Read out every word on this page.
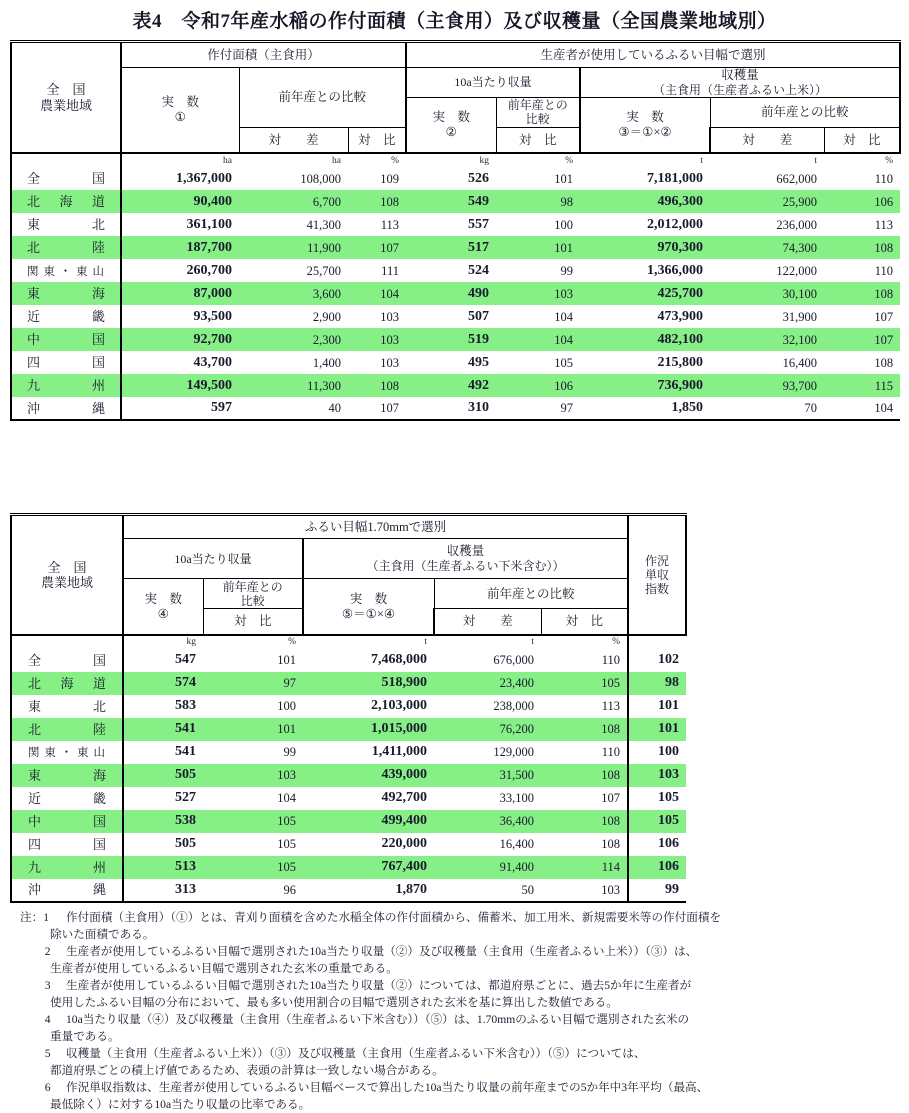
表4　令和7年産水稲の作付面積（主食用）及び収穫量（全国農業地域別）
全　国
農業地域	作付面積（主食用）			生産者が使用しているふるい目幅で選別				

実　数
①
	前年産との比較	10a当たり収量	
収穫量
（主食用（生産者ふるい上米））

実　数
②

前年産との
比較	実　数
③＝①×②
	前年産との比較
		対　　差	対　比		対　比		対　　差	対　比
	ha	ha	%	kg	%	t	t	%
全国	1,367,000	108,000	109	526	101	7,181,000	662,000	110
北海道	90,400	6,700	108	549	98	496,300	25,900	106
東北	361,100	41,300	113	557	100	2,012,000	236,000	113
北陸	187,700	11,900	107	517	101	970,300	74,300	108
関東・東山	260,700	25,700	111	524	99	1,366,000	122,000	110
東海	87,000	3,600	104	490	103	425,700	30,100	108
近畿	93,500	2,900	103	507	104	473,900	31,900	107
中国	92,700	2,300	103	519	104	482,100	32,100	107
四国	43,700	1,400	103	495	105	215,800	16,400	108
九州	149,500	11,300	108	492	106	736,900	93,700	115
沖縄	597	40	107	310	97	1,850	70	104
全　国
農業地域
	ふるい目幅1.70mmで選別	
作況
単収
指数

	10a当たり収量		収穫量
（主食用（生産者ふるい下米含む））			

実　数
④

前年産との
比較	実　数
⑤＝①×④
	前年産との比較
		対　比		対　　差	対　比	
	kg	%	t	t	%	
全国	547	101	7,468,000	676,000	110	102
北海道	574	97	518,900	23,400	105	98
東北	583	100	2,103,000	238,000	113	101
北陸	541	101	1,015,000	76,200	108	101
関東・東山	541	99	1,411,000	129,000	110	100
東海	505	103	439,000	31,500	108	103
近畿	527	104	492,700	33,100	107	105
中国	538	105	499,400	36,400	108	105
四国	505	105	220,000	16,400	108	106
九州	513	105	767,400	91,400	114	106
沖縄	313	96	1,870	50	103	99
注：1	作付面積（主食用）（①）とは、青刈り面積を含めた水稲全体の作付面積から、備蓄米、加工用米、新規需要米等の作付面積を
除いた面積である。
2	生産者が使用しているふるい目幅で選別された10a当たり収量（②）及び収穫量（主食用（生産者ふるい上米））（③）は、
生産者が使用しているふるい目幅で選別された玄米の重量である。
3	生産者が使用しているふるい目幅で選別された10a当たり収量（②）については、都道府県ごとに、過去5か年に生産者が
使用したふるい目幅の分布において、最も多い使用割合の目幅で選別された玄米を基に算出した数値である。
4	10a当たり収量（④）及び収穫量（主食用（生産者ふるい下米含む））（⑤）は、1.70mmのふるい目幅で選別された玄米の
重量である。
5	収穫量（主食用（生産者ふるい上米））（③）及び収穫量（主食用（生産者ふるい下米含む））（⑤）については、
都道府県ごとの積上げ値であるため、表頭の計算は一致しない場合がある。
6	作況単収指数は、生産者が使用しているふるい目幅ベースで算出した10a当たり収量の前年産までの5か年中3年平均（最高、
最低除く）に対する10a当たり収量の比率である。
